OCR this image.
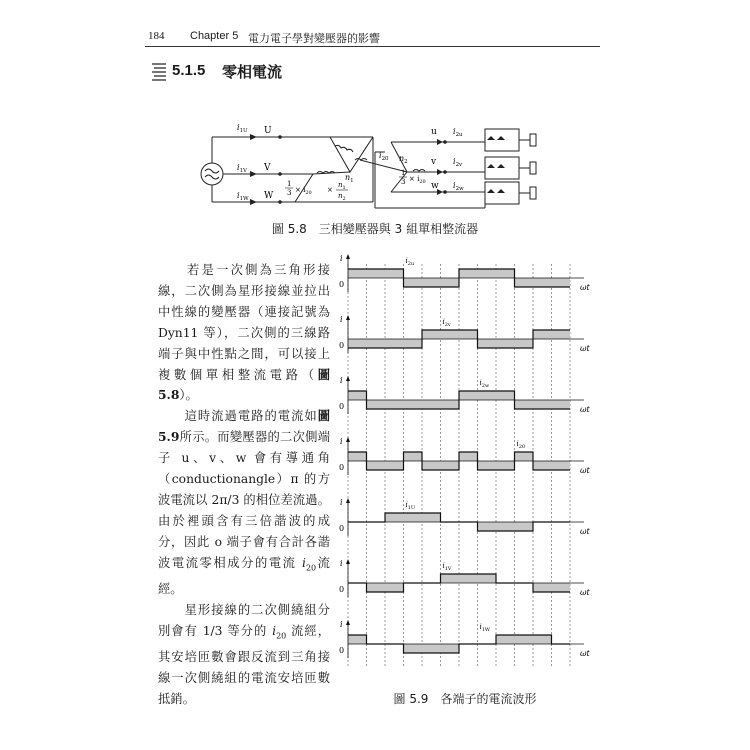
184 Chapter 5 電力電子學對變壓器的影響
5.1.5 零相電流
$i_{1U}$
$i_{1V}$
$i_{1W}$
$i_{2u}$
$i_{2v}$
$i_{2w}$
$i_{20}$
$n_1$
$n_2$
U
V
W
u
v
w
1
$3 \times i_{20}$ ×
$n_1$
$n_2$
1
$3 \times i_{20}$
圖 5.8　三相變壓器與 3 組單相整流器

　　若是一次側為三角形接線，二次側為星形接線並拉出中性線的變壓器（連接記號為 Dyn11 等），二次側的三線路端子與中性點之間，可以接上複數個單相整流電路（圖 5.8）。

　　這時流過電路的電流如圖 5.9所示。而變壓器的二次側端子 u、v、w 會有導通角（conductionangle）π 的方波電流以 2π/3 的相位差流過。由於裡頭含有三倍諧波的成分，因此 o 端子會有合計各諧波電流零相成分的電流 $i_{20}$流經。

　　星形接線的二次側繞組分別會有 1/3 等分的 $i_{20}$ 流經，其安培匝數會跟反流到三角接線一次側繞組的電流安培匝數抵銷。

i
0	ωt
$i_{2u}$
i
0	ωt
$i_{2v}$
i
0	ωt
$i_{2w}$
i
0	ωt
$i_{20}$
i
0	ωt
$i_{1U}$
i
0	ωt
$i_{1V}$
i
0	ωt
$i_{1W}$
圖 5.9　各端子的電流波形
